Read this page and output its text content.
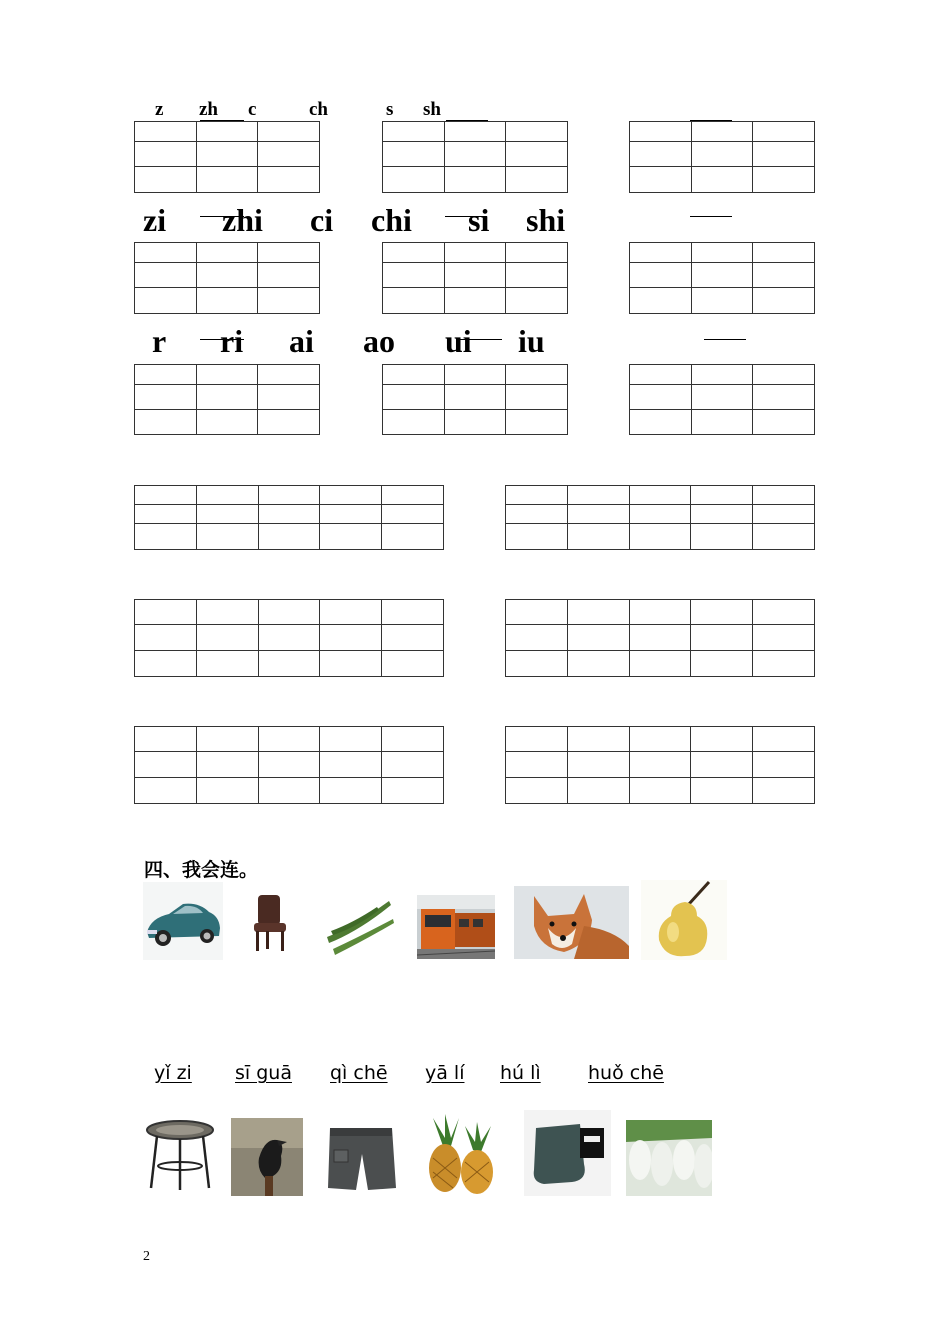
z zh c	ch	s sh

zi zhi ci chi si shi

r ri ai ao ui iu

四、我会连。
yǐ zi sī guā qì chē yā lí hú lì huǒ chē
2
